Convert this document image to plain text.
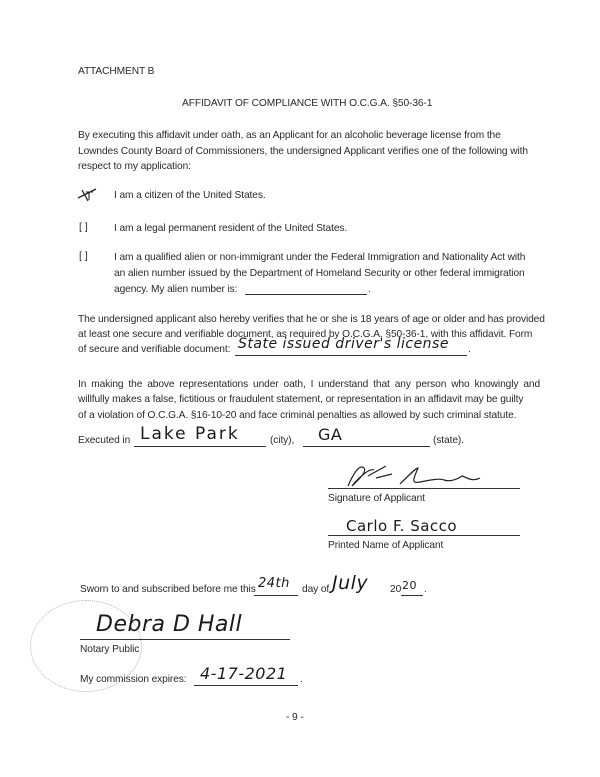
ATTACHMENT B
AFFIDAVIT OF COMPLIANCE WITH O.C.G.A. §50-36-1
By executing this affidavit under oath, as an Applicant for an alcoholic beverage license from the Lowndes County Board of Commissioners, the undersigned Applicant verifies one of the following with respect to my application:
I am a citizen of the United States.
[ ]	I am a legal permanent resident of the United States.
[ ]	I am a qualified alien or non-immigrant under the Federal Immigration and Nationality Act with
an alien number issued by the Department of Homeland Security or other federal immigration
agency. My alien number is:	.
The undersigned applicant also hereby verifies that he or she is 18 years of age or older and has provided
at least one secure and verifiable document, as required by O.C.G.A. §50-36-1, with this affidavit. Form
of secure and verifiable document: State issued driver's license .
In making the above representations under oath, I understand that any person who knowingly and
willfully makes a false, fictitious or fraudulent statement, or representation in an affidavit may be guilty
of a violation of O.C.G.A. §16-10-20 and face criminal penalties as allowed by such criminal statute.
Executed in Lake Park	(city), GA	(state).
Signature of Applicant
Carlo F. Sacco
Printed Name of Applicant
Sworn to and subscribed before me this 24th day of July 20 20 .
Debra D Hall
Notary Public
My commission expires: 4-17-2021 .
- 9 -
